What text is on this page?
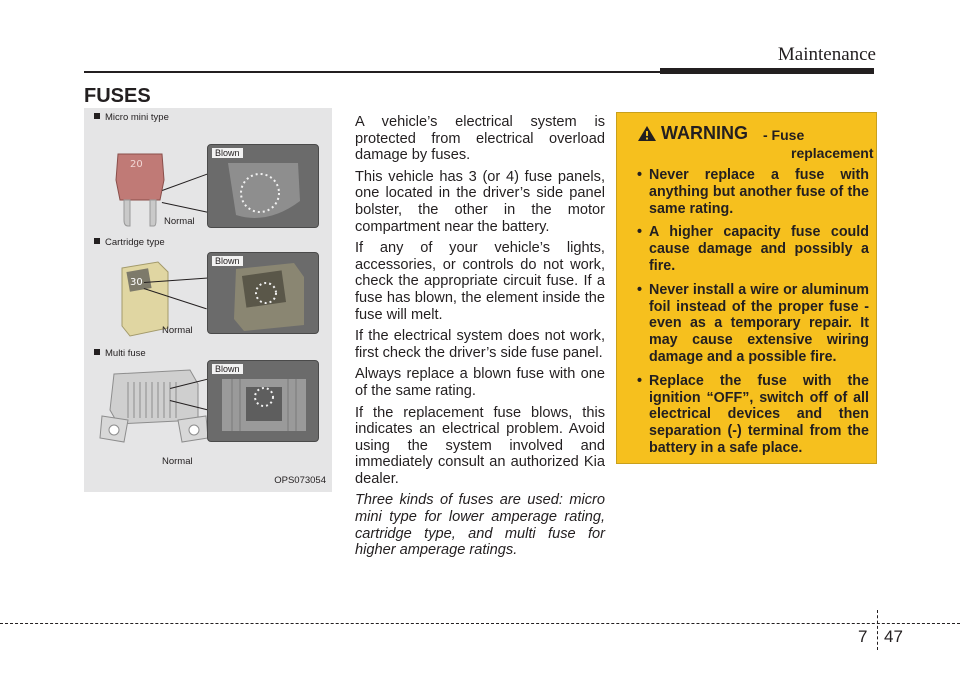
Maintenance
FUSES
Micro mini type
20
Normal
Blown
Cartridge type
30
Normal
Blown
Multi fuse
Normal
Blown
OPS073054

A vehicle’s electrical system is protected from electrical overload damage by fuses.

This vehicle has 3 (or 4) fuse panels, one located in the driver’s side panel bolster, the other in the motor compartment near the battery.

If any of your vehicle’s lights, accessories, or controls do not work, check the appropriate circuit fuse. If a fuse has blown, the element inside the fuse will melt.

If the electrical system does not work, first check the driver’s side fuse panel.

Always replace a blown fuse with one of the same rating.

If the replacement fuse blows, this indicates an electrical problem. Avoid using the system involved and immediately consult an authorized Kia dealer.

Three kinds of fuses are used: micro mini type for lower amperage rating, cartridge type, and multi fuse for higher amperage ratings.

WARNING - Fuse
replacement
• Never replace a fuse with anything but another fuse of the same rating.
• A higher capacity fuse could cause damage and possibly a fire.
• Never install a wire or aluminum foil instead of the proper fuse - even as a temporary repair. It may cause extensive wiring damage and a possible fire.
• Replace the fuse with the ignition “OFF”, switch off of all electrical devices and then separation (-) terminal from the battery in a safe place.
7 47
